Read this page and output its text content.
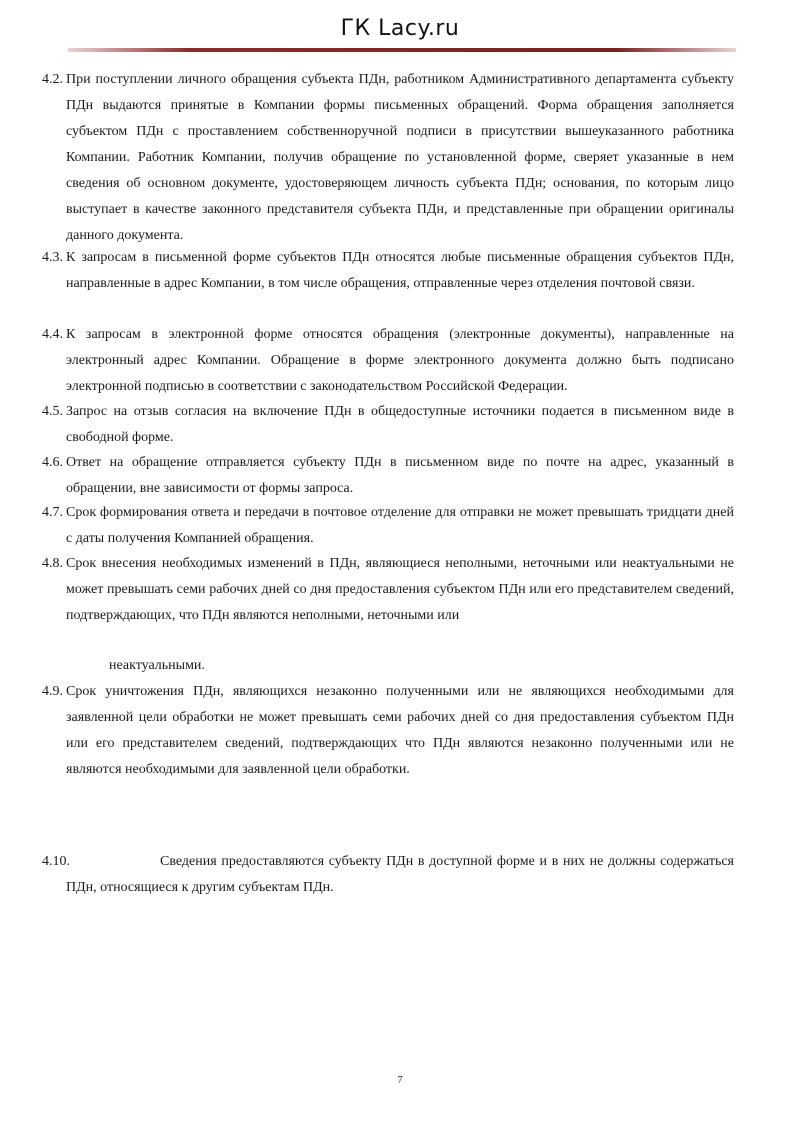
ГК Lacy.ru
4.2. При поступлении личного обращения субъекта ПДн, работником Административного департамента субъекту ПДн выдаются принятые в Компании формы письменных обращений. Форма обращения заполняется субъектом ПДн с проставлением собственноручной подписи в присутствии вышеуказанного работника Компании. Работник Компании, получив обращение по установленной форме, сверяет указанные в нем сведения об основном документе, удостоверяющем личность субъекта ПДн; основания, по которым лицо выступает в качестве законного представителя субъекта ПДн, и представленные при обращении оригиналы данного документа.
4.3. К запросам в письменной форме субъектов ПДн относятся любые письменные обращения субъектов ПДн, направленные в адрес Компании, в том числе обращения, отправленные через отделения почтовой связи.
4.4. К запросам в электронной форме относятся обращения (электронные документы), направленные на электронный адрес Компании. Обращение в форме электронного документа должно быть подписано электронной подписью в соответствии с законодательством Российской Федерации.
4.5. Запрос на отзыв согласия на включение ПДн в общедоступные источники подается в письменном виде в свободной форме.
4.6. Ответ на обращение отправляется субъекту ПДн в письменном виде по почте на адрес, указанный в обращении, вне зависимости от формы запроса.
4.7. Срок формирования ответа и передачи в почтовое отделение для отправки не может превышать тридцати дней с даты получения Компанией обращения.
4.8. Срок внесения необходимых изменений в ПДн, являющиеся неполными, неточными или неактуальными не может превышать семи рабочих дней со дня предоставления субъектом ПДн или его представителем сведений, подтверждающих, что ПДн являются неполными, неточными или
неактуальными.
4.9. Срок уничтожения ПДн, являющихся незаконно полученными или не являющихся необходимыми для заявленной цели обработки не может превышать семи рабочих дней со дня предоставления субъектом ПДн или его представителем сведений, подтверждающих что ПДн являются незаконно полученными или не являются необходимыми для заявленной цели обработки.
4.10.	Сведения предоставляются субъекту ПДн в доступной форме и в них не должны содержаться ПДн, относящиеся к другим субъектам ПДн.
7
